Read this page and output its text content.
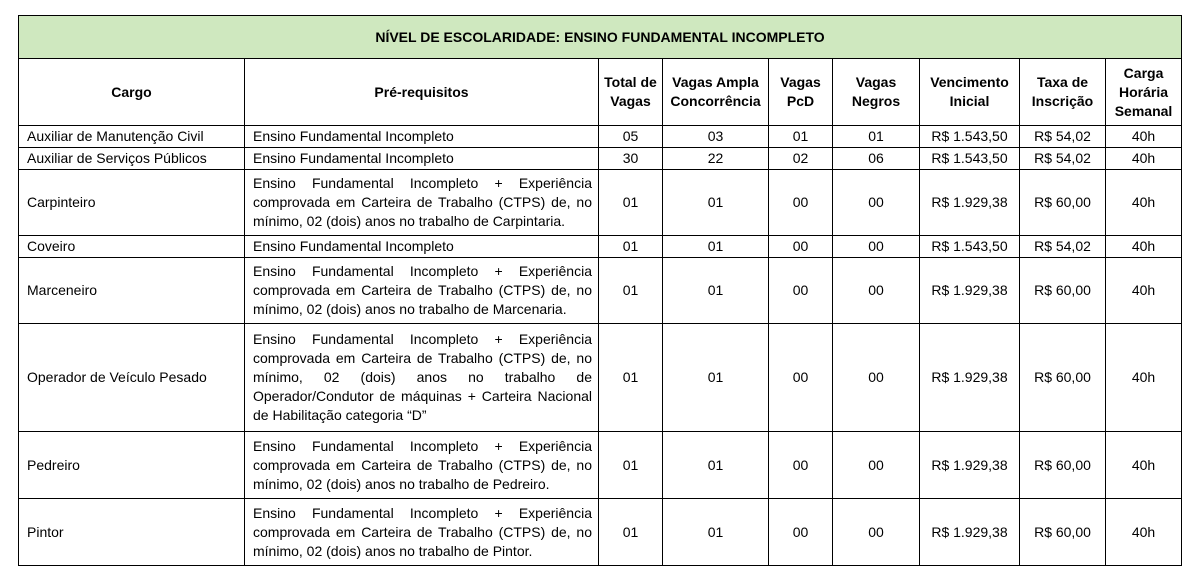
NÍVEL DE ESCOLARIDADE: ENSINO FUNDAMENTAL INCOMPLETO								
Cargo	Pré-requisitos	Total de Vagas	Vagas Ampla Concorrência	Vagas PcD	Vagas Negros	Vencimento Inicial	Taxa de Inscrição	Carga Horária Semanal
Auxiliar de Manutenção Civil	Ensino Fundamental Incompleto	05	03	01	01	R$ 1.543,50	R$ 54,02	40h
Auxiliar de Serviços Públicos	Ensino Fundamental Incompleto	30	22	02	06	R$ 1.543,50	R$ 54,02	40h
Carpinteiro	Ensino Fundamental Incompleto + Experiência comprovada em Carteira de Trabalho (CTPS) de, no mínimo, 02 (dois) anos no trabalho de Carpintaria.	01	01	00	00	R$ 1.929,38	R$ 60,00	40h
Coveiro	Ensino Fundamental Incompleto	01	01	00	00	R$ 1.543,50	R$ 54,02	40h
Marceneiro	Ensino Fundamental Incompleto + Experiência comprovada em Carteira de Trabalho (CTPS) de, no mínimo, 02 (dois) anos no trabalho de Marcenaria.	01	01	00	00	R$ 1.929,38	R$ 60,00	40h
Operador de Veículo Pesado	Ensino Fundamental Incompleto + Experiência comprovada em Carteira de Trabalho (CTPS) de, no mínimo, 02 (dois) anos no trabalho de Operador/Condutor de máquinas + Carteira Nacional de Habilitação categoria “D”	01	01	00	00	R$ 1.929,38	R$ 60,00	40h
Pedreiro	Ensino Fundamental Incompleto + Experiência comprovada em Carteira de Trabalho (CTPS) de, no mínimo, 02 (dois) anos no trabalho de Pedreiro.	01	01	00	00	R$ 1.929,38	R$ 60,00	40h
Pintor	Ensino Fundamental Incompleto + Experiência comprovada em Carteira de Trabalho (CTPS) de, no mínimo, 02 (dois) anos no trabalho de Pintor.	01	01	00	00	R$ 1.929,38	R$ 60,00	40h
